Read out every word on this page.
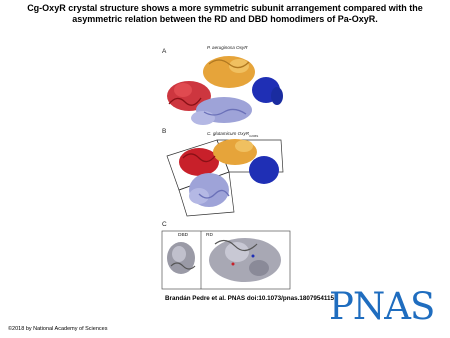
Cg-OxyR crystal structure shows a more symmetric subunit arrangement compared with the asymmetric relation between the RD and DBD homodimers of Pa-OxyR.
A
P. aeruginosa OxyR
B	C. glutamicum OxyR$_{C206S}$
C
DBD	RD
Brandán Pedre et al. PNAS doi:10.1073/pnas.1807954115
PNAS
©2018 by National Academy of Sciences
